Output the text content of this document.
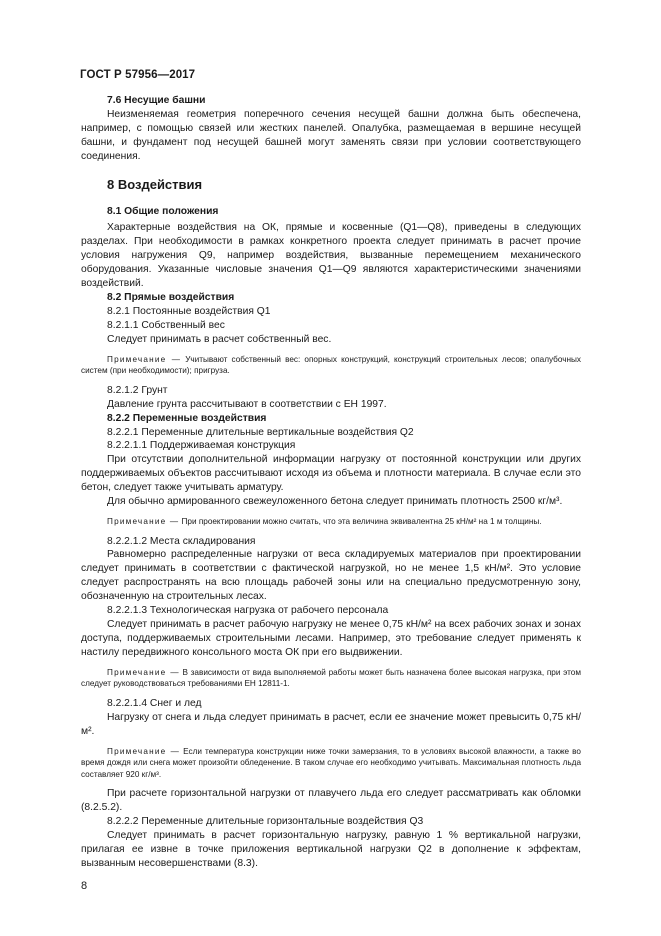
ГОСТ Р 57956—2017

7.6 Несущие башни

Неизменяемая геометрия поперечного сечения несущей башни должна быть обеспечена, например, с помощью связей или жестких панелей. Опалубка, размещаемая в вершине несущей башни, и фундамент под несущей башней могут заменять связи при условии соответствующего соединения.

8 Воздействия

8.1 Общие положения

Характерные воздействия на ОК, прямые и косвенные (Q1—Q8), приведены в следующих разделах. При необходимости в рамках конкретного проекта следует принимать в расчет прочие условия нагружения Q9, например воздействия, вызванные перемещением механического оборудования. Указанные числовые значения Q1—Q9 являются характеристическими значениями воздействий.

8.2 Прямые воздействия

8.2.1 Постоянные воздействия Q1

8.2.1.1 Собственный вес

Следует принимать в расчет собственный вес.

Примечание — Учитывают собственный вес: опорных конструкций, конструкций строительных лесов; опалубочных систем (при необходимости); пригруза.

8.2.1.2 Грунт

Давление грунта рассчитывают в соответствии с ЕН 1997.

8.2.2 Переменные воздействия

8.2.2.1 Переменные длительные вертикальные воздействия Q2

8.2.2.1.1 Поддерживаемая конструкция

При отсутствии дополнительной информации нагрузку от постоянной конструкции или других поддерживаемых объектов рассчитывают исходя из объема и плотности материала. В случае если это бетон, следует также учитывать арматуру.

Для обычно армированного свежеуложенного бетона следует принимать плотность 2500 кг/м³.

Примечание — При проектировании можно считать, что эта величина эквивалентна 25 кН/м² на 1 м толщины.

8.2.2.1.2 Места складирования

Равномерно распределенные нагрузки от веса складируемых материалов при проектировании следует принимать в соответствии с фактической нагрузкой, но не менее 1,5 кН/м². Это условие следует распространять на всю площадь рабочей зоны или на специально предусмотренную зону, обозначенную на строительных лесах.

8.2.2.1.3 Технологическая нагрузка от рабочего персонала

Следует принимать в расчет рабочую нагрузку не менее 0,75 кН/м² на всех рабочих зонах и зонах доступа, поддерживаемых строительными лесами. Например, это требование следует применять к настилу передвижного консольного моста ОК при его выдвижении.

Примечание — В зависимости от вида выполняемой работы может быть назначена более высокая нагрузка, при этом следует руководствоваться требованиями ЕН 12811-1.

8.2.2.1.4 Снег и лед

Нагрузку от снега и льда следует принимать в расчет, если ее значение может превысить 0,75 кН/м².

Примечание — Если температура конструкции ниже точки замерзания, то в условиях высокой влажности, а также во время дождя или снега может произойти обледенение. В таком случае его необходимо учитывать. Максимальная плотность льда составляет 920 кг/м³.

При расчете горизонтальной нагрузки от плавучего льда его следует рассматривать как обломки (8.2.5.2).

8.2.2.2 Переменные длительные горизонтальные воздействия Q3

Следует принимать в расчет горизонтальную нагрузку, равную 1 % вертикальной нагрузки, прилагая ее извне в точке приложения вертикальной нагрузки Q2 в дополнение к эффектам, вызванным несовершенствами (8.3).

8
